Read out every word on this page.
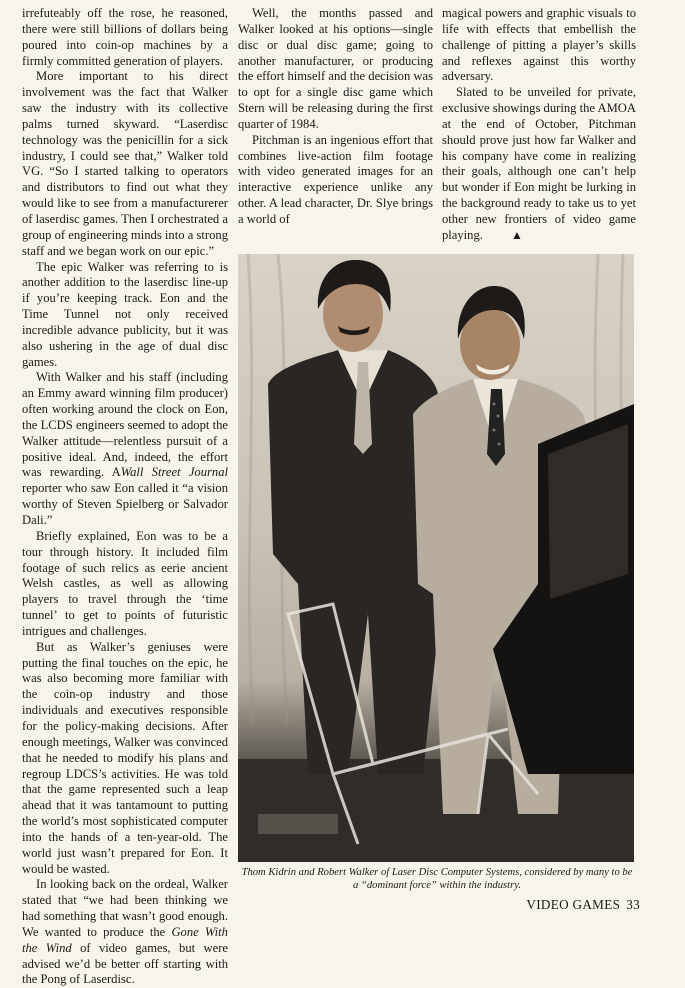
irrefuteably off the rose, he reasoned, there were still billions of dollars being poured into coin-op machines by a firmly committed generation of players.

More important to his direct involvement was the fact that Walker saw the industry with its collective palms turned skyward. “Laserdisc technology was the penicillin for a sick industry, I could see that,” Walker told VG. “So I started talking to operators and distributors to find out what they would like to see from a manufacturerer of laserdisc games. Then I orchestrated a group of engineering minds into a strong staff and we began work on our epic.”

The epic Walker was referring to is another addition to the laserdisc line-up if you’re keeping track. Eon and the Time Tunnel not only received incredible advance publicity, but it was also ushering in the age of dual disc games.

With Walker and his staff (including an Emmy award winning film producer) often working around the clock on Eon, the LCDS engineers seemed to adopt the Walker attitude—relentless pursuit of a positive ideal. And, indeed, the effort was rewarding. AWall Street Journal reporter who saw Eon called it “a vision worthy of Steven Spielberg or Salvador Dali.”

Briefly explained, Eon was to be a tour through history. It included film footage of such relics as eerie ancient Welsh castles, as well as allowing players to travel through the ‘time tunnel’ to get to points of futuristic intrigues and challenges.

But as Walker’s geniuses were putting the final touches on the epic, he was also becoming more familiar with the coin-op industry and those individuals and executives responsible for the policy-making decisions. After enough meetings, Walker was convinced that he needed to modify his plans and regroup LDCS’s activities. He was told that the game represented such a leap ahead that it was tantamount to putting the world’s most sophisticated computer into the hands of a ten-year-old. The world just wasn’t prepared for Eon. It would be wasted.

In looking back on the ordeal, Walker stated that “we had been thinking we had something that wasn’t good enough. We wanted to produce the Gone With the Wind of video games, but were advised we’d be better off starting with the Pong of Laserdisc.

Well, the months passed and Walker looked at his options—single disc or dual disc game; going to another manufacturer, or producing the effort himself and the decision was to opt for a single disc game which Stern will be releasing during the first quarter of 1984.

Pitchman is an ingenious effort that combines live-action film footage with video generated images for an interactive experience unlike any other. A lead character, Dr. Slye brings a world of

magical powers and graphic visuals to life with effects that embellish the challenge of pitting a player’s skills and reflexes against this worthy adversary.

Slated to be unveiled for private, exclusive showings during the AMOA at the end of October, Pitchman should prove just how far Walker and his company have come in realizing their goals, although one can’t help but wonder if Eon might be lurking in the background ready to take us to yet other new frontiers of video game playing. ▲

Thom Kidrin and Robert Walker of Laser Disc Computer Systems, considered by many to be a “dominant force” within the industry.
VIDEO GAMES 33
